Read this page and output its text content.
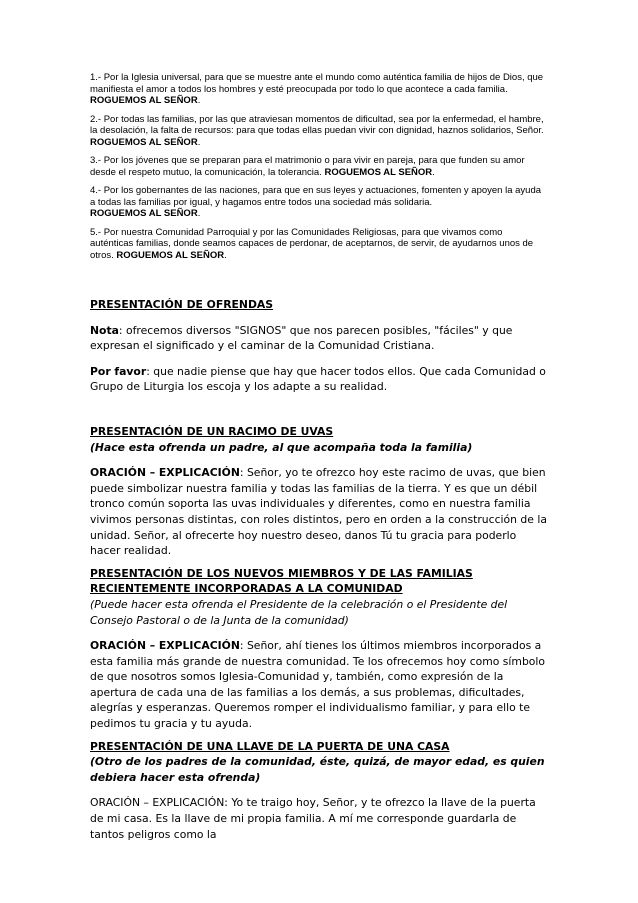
1.- Por la Iglesia universal, para que se muestre ante el mundo como auténtica familia de hijos de Dios, que manifiesta el amor a todos los hombres y esté preocupada por todo lo que acontece a cada familia. ROGUEMOS AL SEÑOR.

2.- Por todas las familias, por las que atraviesan momentos de dificultad, sea por la enfermedad, el hambre, la desolación, la falta de recursos: para que todas ellas puedan vivir con dignidad, haznos solidarios, Señor. ROGUEMOS AL SEÑOR.

3.- Por los jóvenes que se preparan para el matrimonio o para vivir en pareja, para que funden su amor desde el respeto mutuo, la comunicación, la tolerancia. ROGUEMOS AL SEÑOR.

4.- Por los gobernantes de las naciones, para que en sus leyes y actuaciones, fomenten y apoyen la ayuda a todas las familias por igual, y hagamos entre todos una sociedad más solidaria.
ROGUEMOS AL SEÑOR.

5.- Por nuestra Comunidad Parroquial y por las Comunidades Religiosas, para que vivamos como auténticas familias, donde seamos capaces de perdonar, de aceptarnos, de servir, de ayudarnos unos de otros. ROGUEMOS AL SEÑOR.

PRESENTACIÓN DE OFRENDAS

Nota: ofrecemos diversos "SIGNOS" que nos parecen posibles, "fáciles" y que expresan el significado y el caminar de la Comunidad Cristiana.

Por favor: que nadie piense que hay que hacer todos ellos. Que cada Comunidad o Grupo de Liturgia los escoja y los adapte a su realidad.

PRESENTACIÓN DE UN RACIMO DE UVAS

(Hace esta ofrenda un padre, al que acompaña toda la familia)

ORACIÓN – EXPLICACIÓN: Señor, yo te ofrezco hoy este racimo de uvas, que bien puede simbolizar nuestra familia y todas las familias de la tierra. Y es que un débil tronco común soporta las uvas individuales y diferentes, como en nuestra familia vivimos personas distintas, con roles distintos, pero en orden a la construcción de la unidad. Señor, al ofrecerte hoy nuestro deseo, danos Tú tu gracia para poderlo hacer realidad.

PRESENTACIÓN DE LOS NUEVOS MIEMBROS Y DE LAS FAMILIAS RECIENTEMENTE INCORPORADAS A LA COMUNIDAD

(Puede hacer esta ofrenda el Presidente de la celebración o el Presidente del Consejo Pastoral o de la Junta de la comunidad)

ORACIÓN – EXPLICACIÓN: Señor, ahí tienes los últimos miembros incorporados a esta familia más grande de nuestra comunidad. Te los ofrecemos hoy como símbolo de que nosotros somos Iglesia-Comunidad y, también, como expresión de la apertura de cada una de las familias a los demás, a sus problemas, dificultades, alegrías y esperanzas. Queremos romper el individualismo familiar, y para ello te pedimos tu gracia y tu ayuda.

PRESENTACIÓN DE UNA LLAVE DE LA PUERTA DE UNA CASA

(Otro de los padres de la comunidad, éste, quizá, de mayor edad, es quien debiera hacer esta ofrenda)

ORACIÓN – EXPLICACIÓN: Yo te traigo hoy, Señor, y te ofrezco la llave de la puerta de mi casa. Es la llave de mi propia familia. A mí me corresponde guardarla de tantos peligros como la
